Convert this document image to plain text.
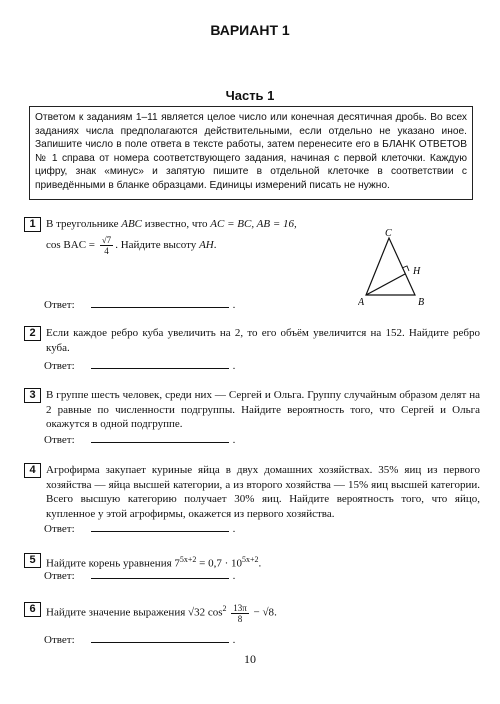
ВАРИАНТ 1
Часть 1
Ответом к заданиям 1–11 является целое число или конечная десятичная дробь. Во всех заданиях числа предполагаются действительными, если отдельно не указано иное. Запишите число в поле ответа в тексте работы, затем перенесите его в БЛАНК ОТВЕТОВ № 1 справа от номера соответствующего задания, начиная с первой клеточки. Каждую цифру, знак «минус» и запятую пишите в отдельной клеточке в соответствии с приведёнными в бланке образцами. Единицы измерений писать не нужно.
1 В треугольнике ABC известно, что AC = BC, AB = 16,
cos BAC = $\frac{√7}{4}$ . Найдите высоту AH.
Ответ:	.
C
H
A	B
2 Если каждое ребро куба увеличить на 2, то его объём увеличится на 152. Найдите ребро куба.
Ответ:	.
3 В группе шесть человек, среди них — Сергей и Ольга. Группу случайным образом делят на 2 равные по численности подгруппы. Найдите вероятность того, что Сергей и Ольга окажутся в одной подгруппе.
Ответ:	.
4 Агрофирма закупает куриные яйца в двух домашних хозяйствах. 35% яиц из первого хозяйства — яйца высшей категории, а из второго хозяйства — 15% яиц высшей категории. Всего высшую категорию получает 30% яиц. Найдите вероятность того, что яйцо, купленное у этой агрофирмы, окажется из первого хозяйства.
Ответ:	.
5 Найдите корень уравнения $7^{5x+2} = 0,7 \cdot 10^{5x+2}$.
Ответ:	.
6 Найдите значение выражения √32 $\cos^2 \frac{13\pi}{8} - √8$.
Ответ:	.
10
